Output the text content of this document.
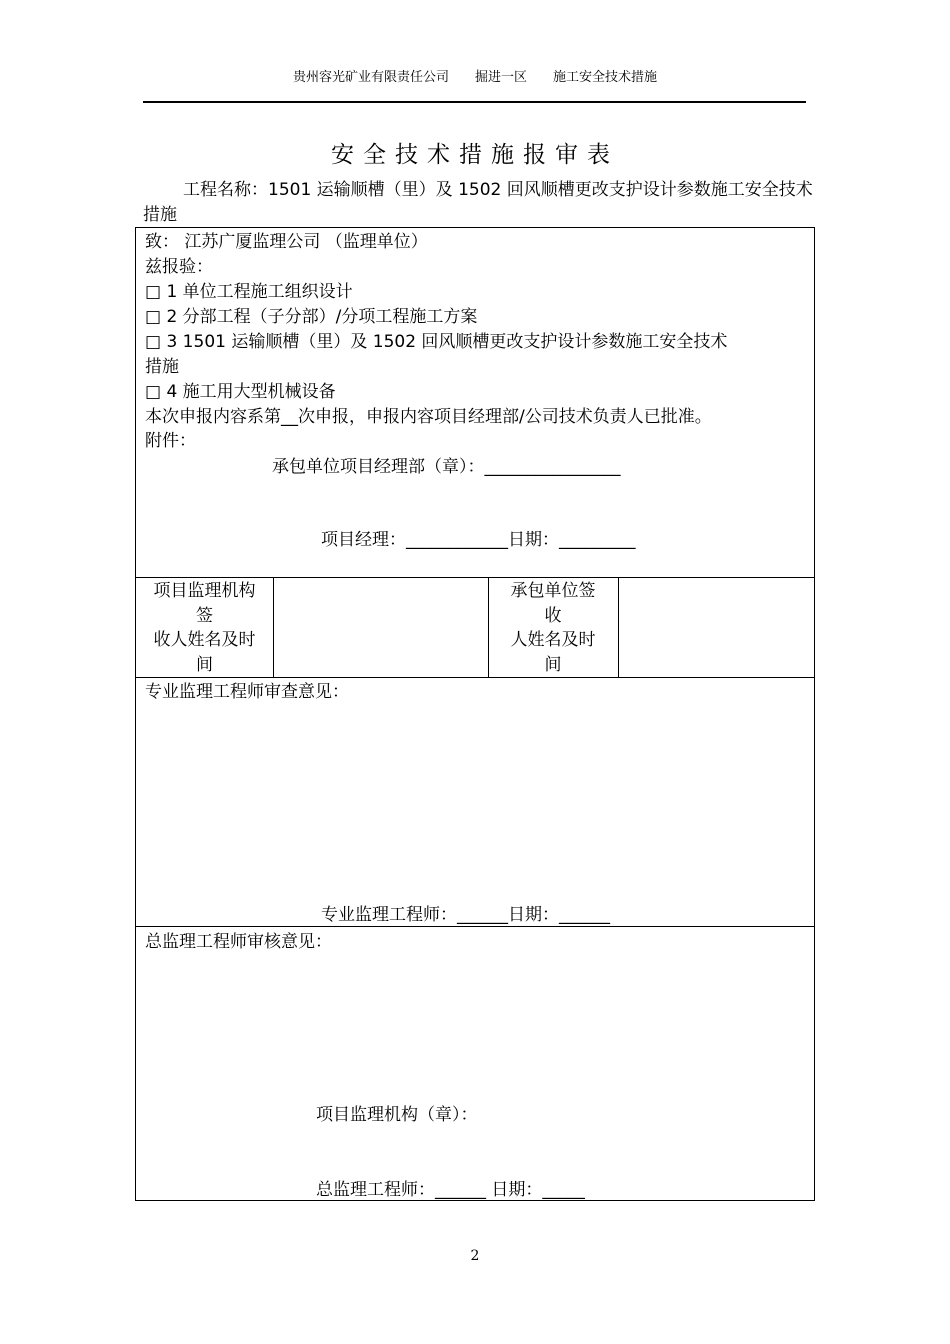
贵州容光矿业有限责任公司 掘进一区 施工安全技术措施
安全技术措施报审表
工程名称：1501 运输顺槽（里）及 1502 回风顺槽更改支护设计参数施工安全技术措施
致： 江苏广厦监理公司 （监理单位）
兹报验：
□ 1 单位工程施工组织设计
□ 2 分部工程（子分部）/分项工程施工方案
□ 3 1501 运输顺槽（里）及 1502 回风顺槽更改支护设计参数施工安全技术
措施
□ 4 施工用大型机械设备
本次申报内容系第__次申报，申报内容项目经理部/公司技术负责人已批准。
附件：
承包单位项目经理部（章）：________________
项目经理：____________日期：_________
项目监理机构
签
收人姓名及时
间
承包单位签
收
人姓名及时
间
专业监理工程师审查意见：
专业监理工程师：______日期：______
总监理工程师审核意见：
项目监理机构（章）：
总监理工程师：______ 日期：_____
2
